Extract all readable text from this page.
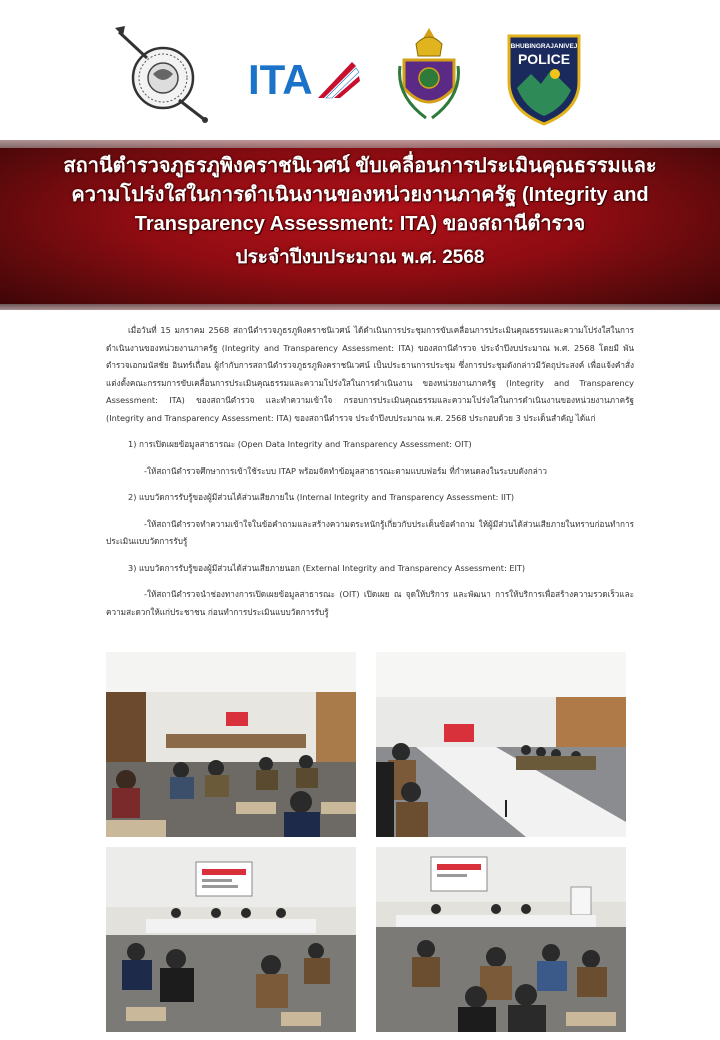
ITA
BHUBINGRAJANIVEJ
POLICE
สถานีตำรวจภูธรภูพิงคราชนิเวศน์ ขับเคลื่อนการประเมินคุณธรรมและ
ความโปร่งใสในการดำเนินงานของหน่วยงานภาครัฐ (Integrity and
Transparency Assessment: ITA) ของสถานีตำรวจ
ประจำปีงบประมาณ พ.ศ. 2568

เมื่อวันที่ 15 มกราคม 2568 สถานีตำรวจภูธรภูพิงคราชนิเวศน์ ได้ดำเนินการประชุมการขับเคลื่อนการประเมินคุณธรรมและความโปร่งใสในการดำเนินงานของหน่วยงานภาครัฐ (Integrity and Transparency Assessment: ITA) ของสถานีตำรวจ ประจำปีงบประมาณ พ.ศ. 2568 โดยมี พันตำรวจเอกมนัสชัย อินทร์เถื่อน ผู้กำกับการสถานีตำรวจภูธรภูพิงคราชนิเวศน์ เป็นประธานการประชุม ซึ่งการประชุมดังกล่าวมีวัตถุประสงค์ เพื่อแจ้งคำสั่งแต่งตั้งคณะกรรมการขับเคลื่อนการประเมินคุณธรรมและความโปร่งใสในการดำเนินงาน ของหน่วยงานภาครัฐ (Integrity and Transparency Assessment: ITA) ของสถานีตำรวจ และทำความเข้าใจ กรอบการประเมินคุณธรรมและความโปร่งใสในการดำเนินงานของหน่วยงานภาครัฐ (Integrity and Transparency Assessment: ITA) ของสถานีตำรวจ ประจำปีงบประมาณ พ.ศ. 2568 ประกอบด้วย 3 ประเด็นสำคัญ ได้แก่

1) การเปิดเผยข้อมูลสาธารณะ (Open Data Integrity and Transparency Assessment: OIT)

-ให้สถานีตำรวจศึกษาการเข้าใช้ระบบ ITAP พร้อมจัดทำข้อมูลสาธารณะตามแบบฟอร์ม ที่กำหนดลงในระบบดังกล่าว

2) แบบวัดการรับรู้ของผู้มีส่วนได้ส่วนเสียภายใน (Internal Integrity and Transparency Assessment: IIT)

-ให้สถานีตำรวจทำความเข้าใจในข้อคำถามและสร้างความตระหนักรู้เกี่ยวกับประเด็นข้อคำถาม ให้ผู้มีส่วนได้ส่วนเสียภายในทราบก่อนทำการประเมินแบบวัดการรับรู้

3) แบบวัดการรับรู้ของผู้มีส่วนได้ส่วนเสียภายนอก (External Integrity and Transparency Assessment: EIT)

-ให้สถานีตำรวจนำช่องทางการเปิดเผยข้อมูลสาธารณะ (OIT) เปิดเผย ณ จุดให้บริการ และพัฒนา การให้บริการเพื่อสร้างความรวดเร็วและความสะดวกให้แก่ประชาชน ก่อนทำการประเมินแบบวัดการรับรู้
